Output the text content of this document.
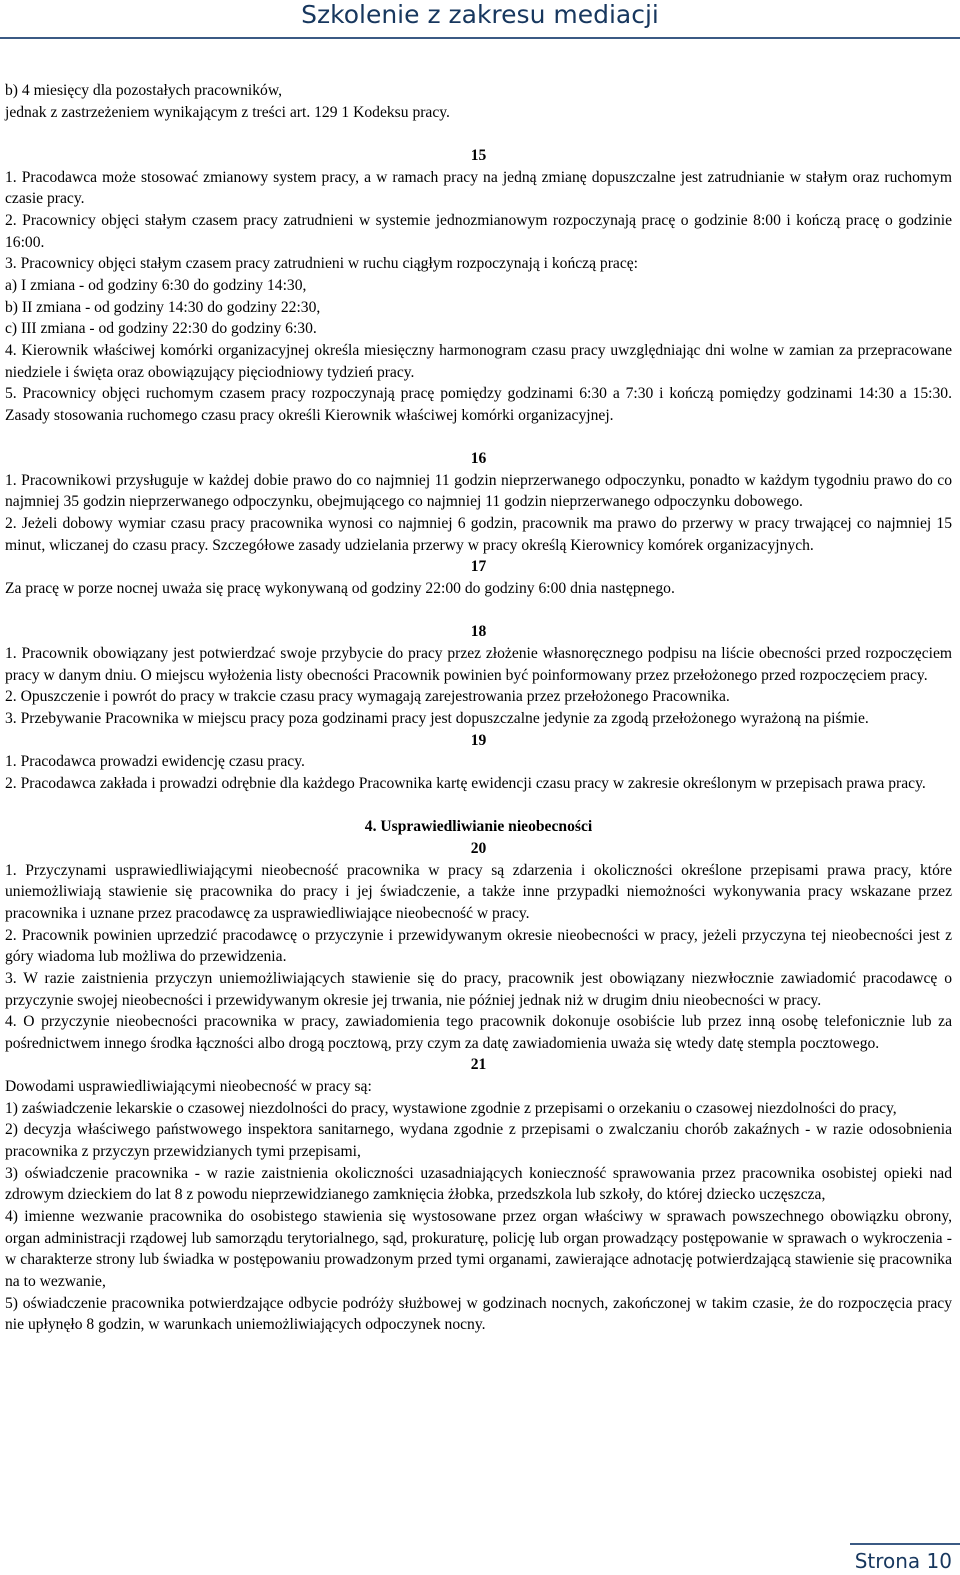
Szkolenie z zakresu mediacji

b) 4 miesięcy dla pozostałych pracowników,

jednak z zastrzeżeniem wynikającym z treści art. 129 1 Kodeksu pracy.

15

1. Pracodawca może stosować zmianowy system pracy, a w ramach pracy na jedną zmianę dopuszczalne jest zatrudnianie w stałym oraz ruchomym czasie pracy.

2. Pracownicy objęci stałym czasem pracy zatrudnieni w systemie jednozmianowym rozpoczynają pracę o godzinie 8:00 i kończą pracę o godzinie 16:00.

3. Pracownicy objęci stałym czasem pracy zatrudnieni w ruchu ciągłym rozpoczynają i kończą pracę:

a) I zmiana - od godziny 6:30 do godziny 14:30,

b) II zmiana - od godziny 14:30 do godziny 22:30,

c) III zmiana - od godziny 22:30 do godziny 6:30.

4. Kierownik właściwej komórki organizacyjnej określa miesięczny harmonogram czasu pracy uwzględniając dni wolne w zamian za przepracowane niedziele i święta oraz obowiązujący pięciodniowy tydzień pracy.

5. Pracownicy objęci ruchomym czasem pracy rozpoczynają pracę pomiędzy godzinami 6:30 a 7:30 i kończą pomiędzy godzinami 14:30 a 15:30. Zasady stosowania ruchomego czasu pracy określi Kierownik właściwej komórki organizacyjnej.

16

1. Pracownikowi przysługuje w każdej dobie prawo do co najmniej 11 godzin nieprzerwanego odpoczynku, ponadto w każdym tygodniu prawo do co najmniej 35 godzin nieprzerwanego odpoczynku, obejmującego co najmniej 11 godzin nieprzerwanego odpoczynku dobowego.

2. Jeżeli dobowy wymiar czasu pracy pracownika wynosi co najmniej 6 godzin, pracownik ma prawo do przerwy w pracy trwającej co najmniej 15 minut, wliczanej do czasu pracy. Szczegółowe zasady udzielania przerwy w pracy określą Kierownicy komórek organizacyjnych.

17

Za pracę w porze nocnej uważa się pracę wykonywaną od godziny 22:00 do godziny 6:00 dnia następnego.

18

1. Pracownik obowiązany jest potwierdzać swoje przybycie do pracy przez złożenie własnoręcznego podpisu na liście obecności przed rozpoczęciem pracy w danym dniu. O miejscu wyłożenia listy obecności Pracownik powinien być poinformowany przez przełożonego przed rozpoczęciem pracy.

2. Opuszczenie i powrót do pracy w trakcie czasu pracy wymagają zarejestrowania przez przełożonego Pracownika.

3. Przebywanie Pracownika w miejscu pracy poza godzinami pracy jest dopuszczalne jedynie za zgodą przełożonego wyrażoną na piśmie.

19

1. Pracodawca prowadzi ewidencję czasu pracy.

2. Pracodawca zakłada i prowadzi odrębnie dla każdego Pracownika kartę ewidencji czasu pracy w zakresie określonym w przepisach prawa pracy.

4. Usprawiedliwianie nieobecności

20

1. Przyczynami usprawiedliwiającymi nieobecność pracownika w pracy są zdarzenia i okoliczności określone przepisami prawa pracy, które uniemożliwiają stawienie się pracownika do pracy i jej świadczenie, a także inne przypadki niemożności wykonywania pracy wskazane przez pracownika i uznane przez pracodawcę za usprawiedliwiające nieobecność w pracy.

2. Pracownik powinien uprzedzić pracodawcę o przyczynie i przewidywanym okresie nieobecności w pracy, jeżeli przyczyna tej nieobecności jest z góry wiadoma lub możliwa do przewidzenia.

3. W razie zaistnienia przyczyn uniemożliwiających stawienie się do pracy, pracownik jest obowiązany niezwłocznie zawiadomić pracodawcę o przyczynie swojej nieobecności i przewidywanym okresie jej trwania, nie później jednak niż w drugim dniu nieobecności w pracy.

4. O przyczynie nieobecności pracownika w pracy, zawiadomienia tego pracownik dokonuje osobiście lub przez inną osobę telefonicznie lub za pośrednictwem innego środka łączności albo drogą pocztową, przy czym za datę zawiadomienia uważa się wtedy datę stempla pocztowego.

21

Dowodami usprawiedliwiającymi nieobecność w pracy są:

1) zaświadczenie lekarskie o czasowej niezdolności do pracy, wystawione zgodnie z przepisami o orzekaniu o czasowej niezdolności do pracy,

2) decyzja właściwego państwowego inspektora sanitarnego, wydana zgodnie z przepisami o zwalczaniu chorób zakaźnych - w razie odosobnienia pracownika z przyczyn przewidzianych tymi przepisami,

3) oświadczenie pracownika - w razie zaistnienia okoliczności uzasadniających konieczność sprawowania przez pracownika osobistej opieki nad zdrowym dzieckiem do lat 8 z powodu nieprzewidzianego zamknięcia żłobka, przedszkola lub szkoły, do której dziecko uczęszcza,

4) imienne wezwanie pracownika do osobistego stawienia się wystosowane przez organ właściwy w sprawach powszechnego obowiązku obrony, organ administracji rządowej lub samorządu terytorialnego, sąd, prokuraturę, policję lub organ prowadzący postępowanie w sprawach o wykroczenia - w charakterze strony lub świadka w postępowaniu prowadzonym przed tymi organami, zawierające adnotację potwierdzającą stawienie się pracownika na to wezwanie,

5) oświadczenie pracownika potwierdzające odbycie podróży służbowej w godzinach nocnych, zakończonej w takim czasie, że do rozpoczęcia pracy nie upłynęło 8 godzin, w warunkach uniemożliwiających odpoczynek nocny.

Strona 10
